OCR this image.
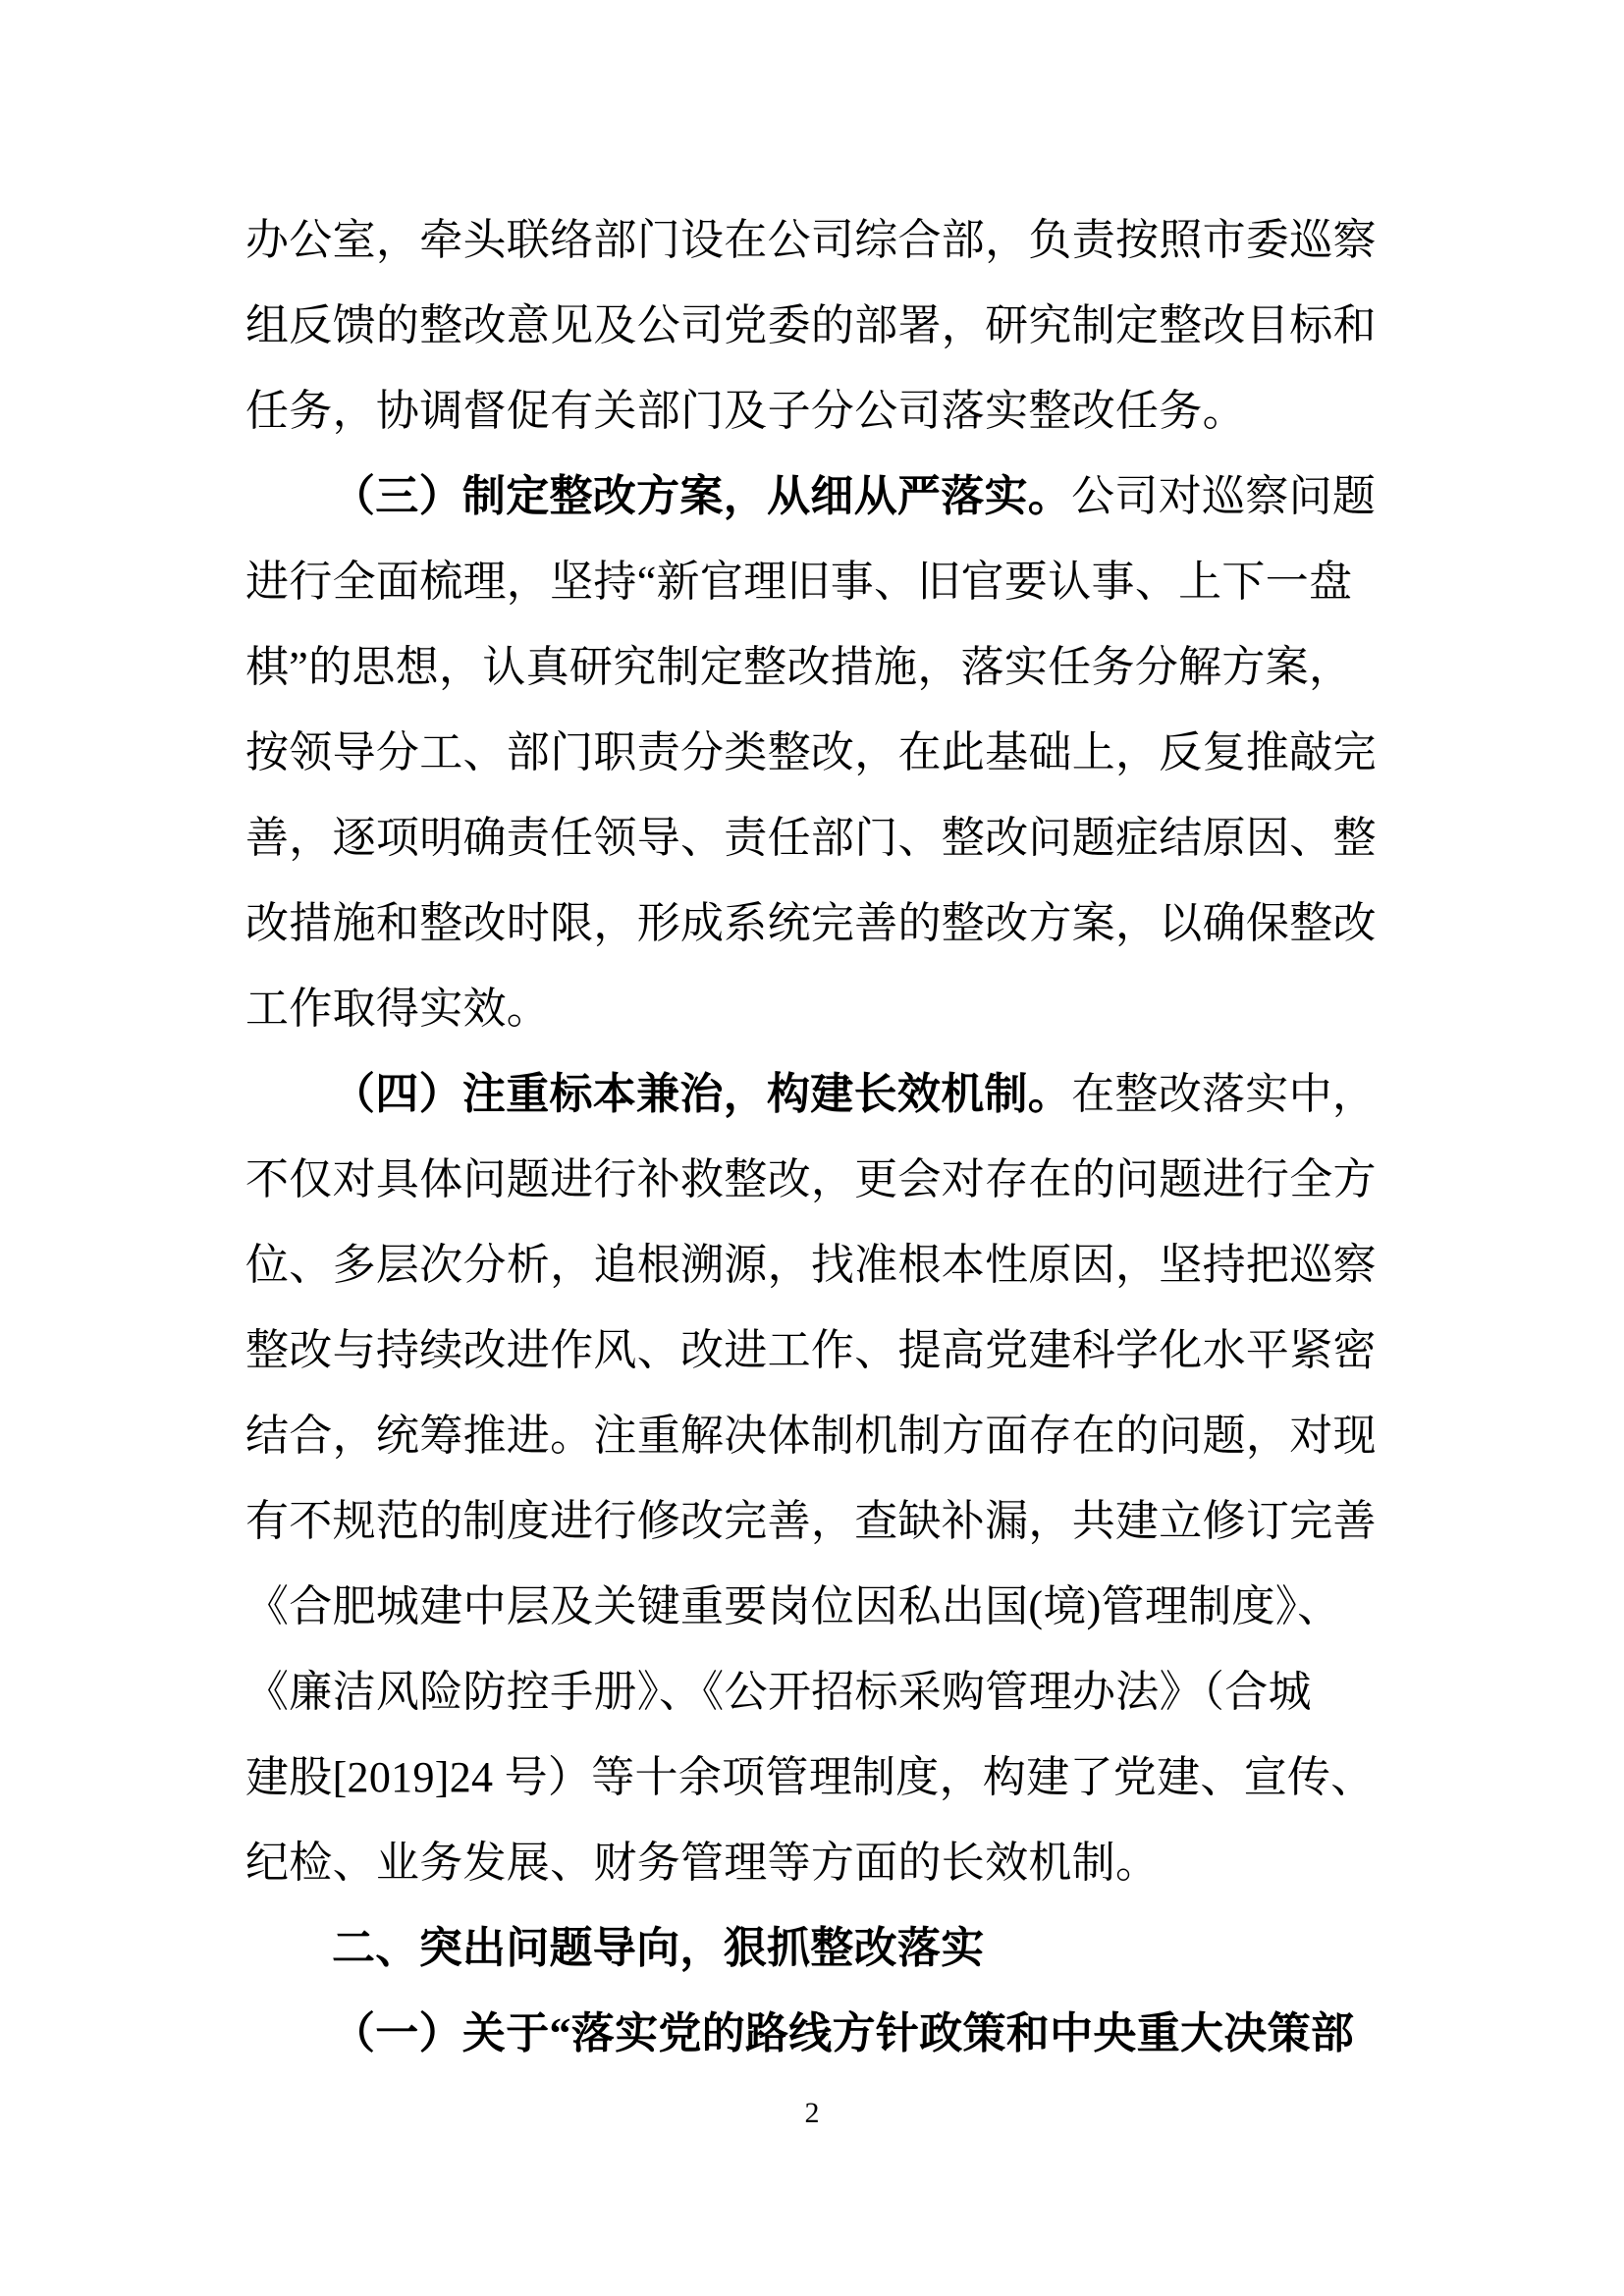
办公室，牵头联络部门设在公司综合部，负责按照市委巡察
组反馈的整改意见及公司党委的部署，研究制定整改目标和
任务，协调督促有关部门及子分公司落实整改任务。
（三）制定整改方案，从细从严落实。公司对巡察问题
进行全面梳理，坚持“新官理旧事、旧官要认事、上下一盘
棋”的思想，认真研究制定整改措施，落实任务分解方案，
按领导分工、部门职责分类整改，在此基础上，反复推敲完
善，逐项明确责任领导、责任部门、整改问题症结原因、整
改措施和整改时限，形成系统完善的整改方案，以确保整改
工作取得实效。
（四）注重标本兼治，构建长效机制。在整改落实中，
不仅对具体问题进行补救整改，更会对存在的问题进行全方
位、多层次分析，追根溯源，找准根本性原因，坚持把巡察
整改与持续改进作风、改进工作、提高党建科学化水平紧密
结合，统筹推进。注重解决体制机制方面存在的问题，对现
有不规范的制度进行修改完善，查缺补漏，共建立修订完善
《合肥城建中层及关键重要岗位因私出国(境)管理制度》、
《廉洁风险防控手册》、《公开招标采购管理办法》（合城
建股[2019]24 号）等十余项管理制度，构建了党建、宣传、
纪检、业务发展、财务管理等方面的长效机制。
二、突出问题导向，狠抓整改落实
（一）关于“落实党的路线方针政策和中央重大决策部
2
